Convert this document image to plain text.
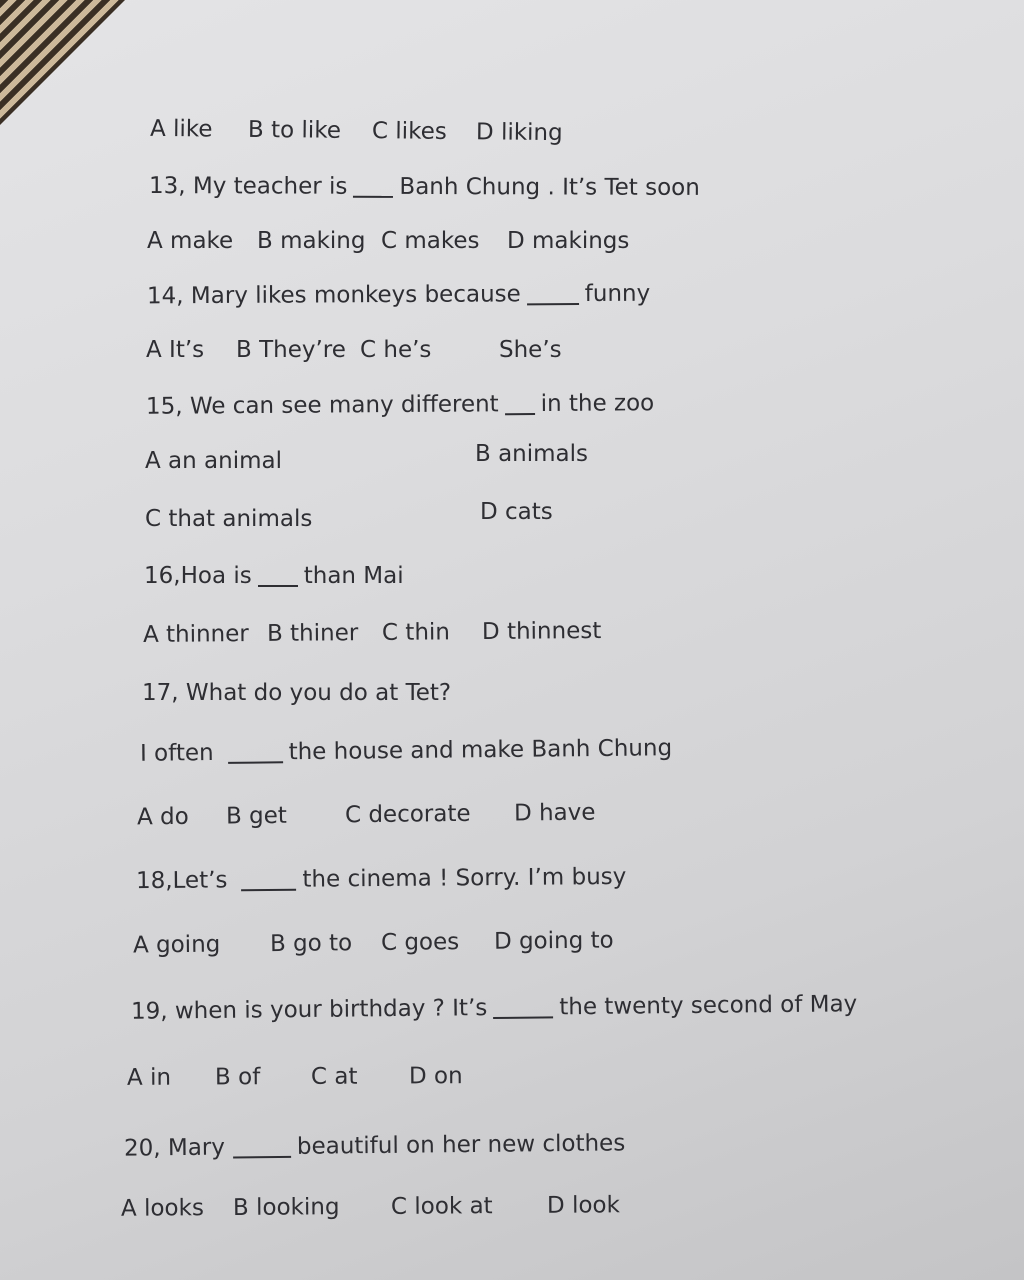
A like	B to like	C likes	D liking
13, My teacher is Banh Chung . It’s Tet soon
A make	B making C makes	D makings
14, Mary likes monkeys because	funny
A It’s	B They’re C he’s	She’s
15, We can see many different in the zoo
A an animal	B animals
C that animals	D cats
16,Hoa is than Mai
A thinner B thiner	C thin	D thinnest
17, What do you do at Tet?
I often	the house and make Banh Chung
A do	B get	C decorate	D have
18,Let’s	the cinema ! Sorry. I’m busy
A going	B go to	C goes	D going to
19, when is your birthday ? It’s	the twenty second of May
A in	B of	C at	D on
20, Mary	beautiful on her new clothes
A looks	B looking	C look at	D look
